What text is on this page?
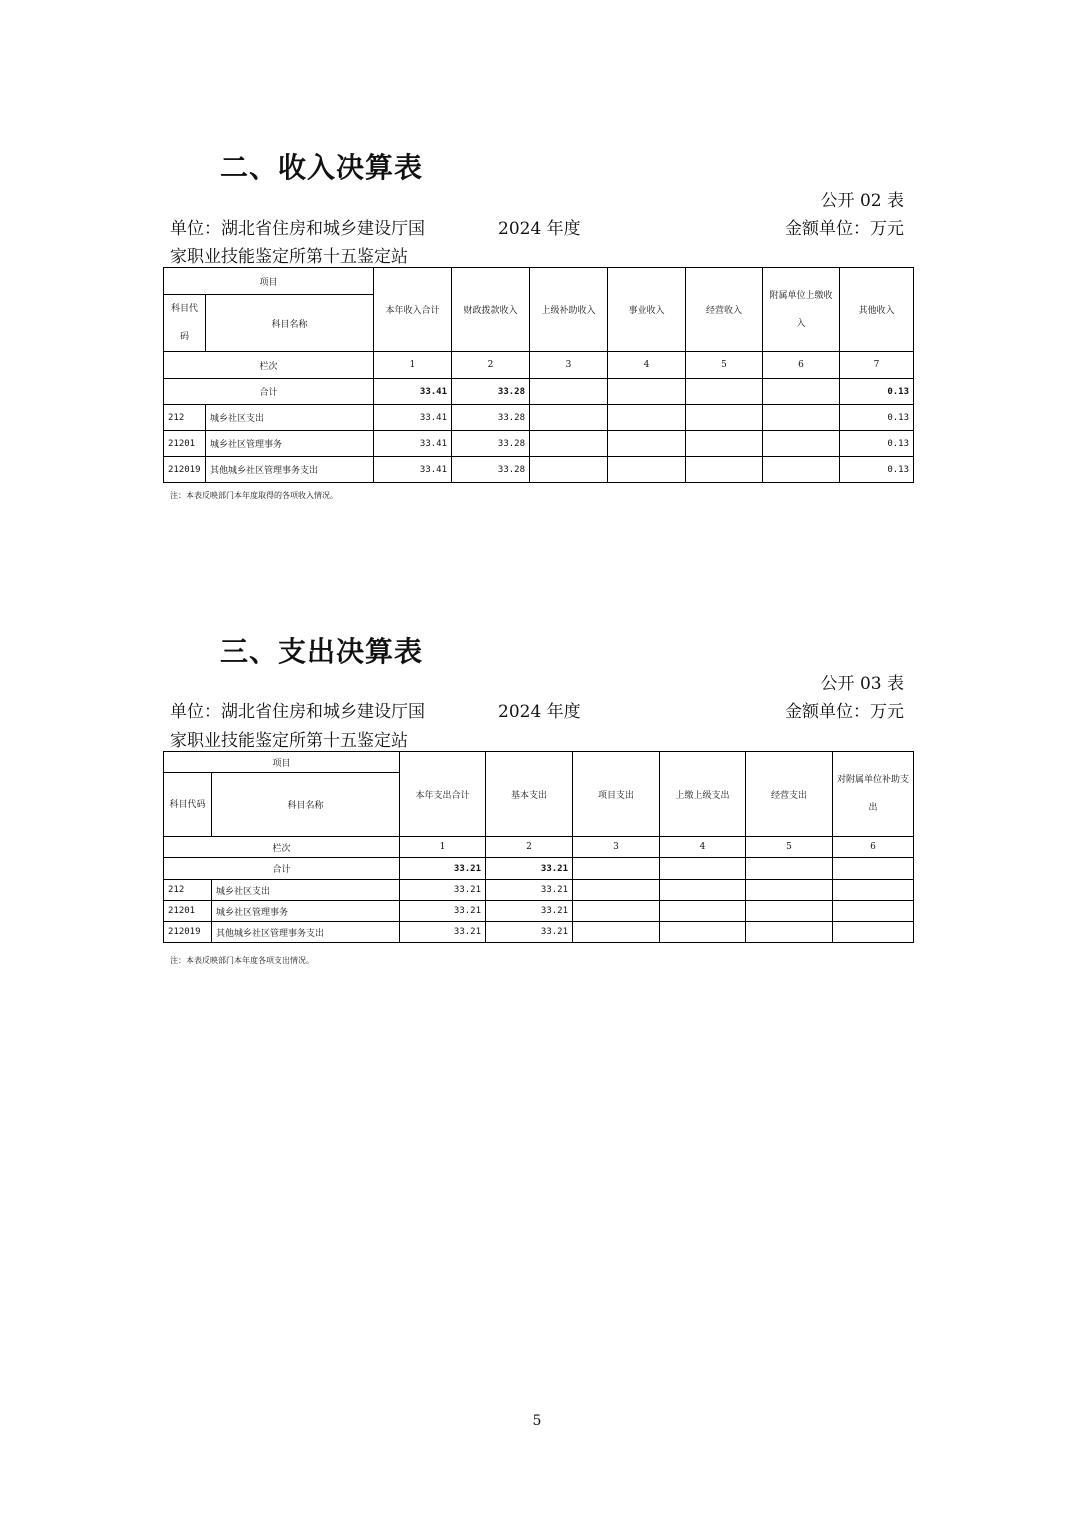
二、收入决算表
公开 02 表
单位：湖北省住房和城乡建设厅国	2024 年度	金额单位：万元
家职业技能鉴定所第十五鉴定站
项目		本年收入合计	财政拨款收入	上级补助收入	事业收入	经营收入	附属单位上缴收入	其他收入
科目代码	科目名称							
栏次		1	2	3	4	5	6	7
合计		33.41	33.28					0.13
212	城乡社区支出	33.41	33.28					0.13
21201	城乡社区管理事务	33.41	33.28					0.13
212019	其他城乡社区管理事务支出	33.41	33.28					0.13
注：本表反映部门本年度取得的各项收入情况。
三、支出决算表
公开 03 表
单位：湖北省住房和城乡建设厅国	2024 年度	金额单位：万元
家职业技能鉴定所第十五鉴定站
项目		本年支出合计	基本支出	项目支出	上缴上级支出	经营支出	对附属单位补助支出
科目代码	科目名称						
栏次		1	2	3	4	5	6
合计		33.21	33.21				
212	城乡社区支出	33.21	33.21				
21201	城乡社区管理事务	33.21	33.21				
212019	其他城乡社区管理事务支出	33.21	33.21				
注：本表反映部门本年度各项支出情况。
5
